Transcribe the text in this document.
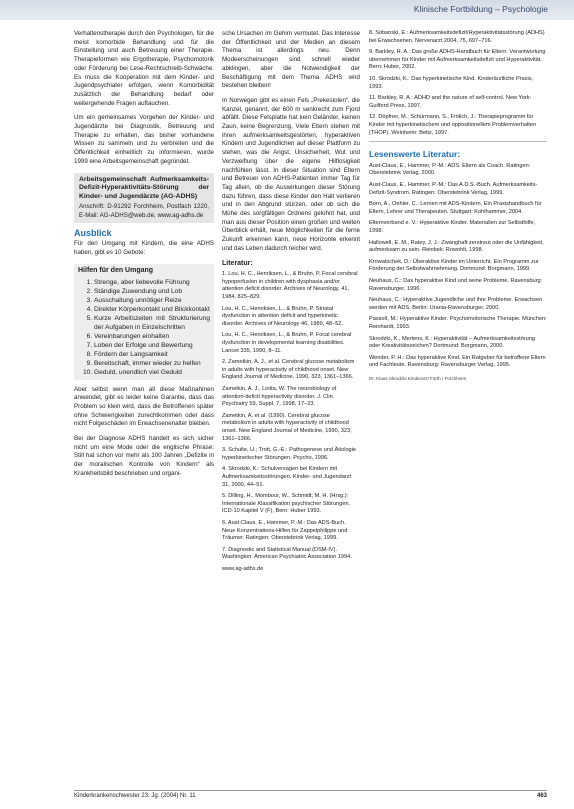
Klinische Fortbildung – Psychologie

Verhaltenstherapie durch den Psychologen, für die meist komorbide Behandlung und für die Einstellung und auch Betreuung einer Therapie. Therapieformen wie Ergotherapie, Psychomotorik oder Förderung bei Lese-Rechtschreib-Schwäche. Es muss die Kooperation mit dem Kinder- und Jugendpsychiater erfolgen, wenn Komorbidität zusätzlich der Behandlung bedarf oder weitergehende Fragen auftauchen.

Um ein gemeinsames Vorgehen der Kinder- und Jugendärzte bei Diagnostik, Betreuung und Therapie zu erhalten, das bisher vorhandene Wissen zu sammeln und zu verbreiten und die Öffentlichkeit einheitlich zu informieren, wurde 1999 eine Arbeitsgemeinschaft gegründet.

Arbeitsgemeinschaft Aufmerksamkeits-Defizit-Hyperaktivitäts-Störung der Kinder- und Jugendärzte (AG-ADHS)
Anschrift: D-91292 Forchheim, Postfach 1220, E-Mail: AG-ADHS@web.de, www.ag-adhs.de
Ausblick

Für den Umgang mit Kindern, die eine ADHS haben, gibt es 10 Gebote:

Hilfen für den Umgang
1. Strenge, aber liebevolle Führung
2. Ständige Zuwendung und Lob
3. Ausschaltung unnötiger Reize
4. Direkter Körperkontakt und Blickkontakt
5. Kurze Arbeitszeiten mit Strukturierung der Aufgaben in Einzelschritten
6. Vereinbarungen einhalten
7. Loben der Erfolge und Bewertung
8. Fördern der Langsamkeit
9. Bereitschaft, immer wieder zu helfen
10. Geduld, unendlich viel Geduld

Aber selbst wenn man all diese Maßnahmen anwendet, gibt es leider keine Garantie, dass das Problem so klein wird, dass die Betroffenen später ohne Schwierigkeiten zurechtkommen oder dass nicht Folgeschäden im Erwachsenenalter bleiben.

Bei der Diagnose ADHS handelt es sich sicher nicht um eine Mode oder die englische Phrase: Still hat schon vor mehr als 100 Jahren „Defizite in der moralischen Kontrolle von Kindern“ als Krankheitsbild beschrieben und organi-

sche Ursachen im Gehirn vermutet. Das Interesse der Öffentlichkeit und der Medien an diesem Thema ist allerdings neu. Denn Modeerscheinungen sind schnell wieder abklingen, aber die Notwendigkeit der Beschäftigung mit dem Thema ADHS wird bestehen bleiben!

In Norwegen gibt es einen Fels „Prekestolen“, die Kanzel, genannt, der 600 m senkrecht zum Fjord abfällt. Diese Felsplatte hat kein Geländer, keinen Zaun, keine Begrenzung. Viele Eltern stehen mit ihren aufmerksamkeitsgestörten, hyperaktiven Kindern und Jugendlichen auf dieser Plattform zu stehen, was die Angst, Unsicherheit, Wut und Verzweiflung über die eigene Hilflosigkeit nachfühlen lässt. In dieser Situation sind Eltern und Betreuer von ADHS-Patienten immer Tag für Tag allein, ob die Auswirkungen dieser Störung dazu führen, dass diese Kinder den Halt verlieren und in den Abgrund stürzen, oder ob sich die Mühe des sorgfältigen Ordnens gelohnt hat, und man aus dieser Position einen großen und weiten Überblick erhält, neue Möglichkeiten für die ferne Zukunft erkennen kann, neue Horizonte erkennt und das Leben dadurch reicher wird.

Literatur:
1. Lou, H. C., Henriksen, L., & Bruhn, P. Focal cerebral hypoperfusion in children with dysphasia and/or attention deficit disorder. Archives of Neurology, 41, 1984, 825–829.
Lou, H. C., Henriksen, L., & Bruhn, P. Striatal dysfunction in attention deficit and hyperkinetic disorder. Archives of Neurology 46, 1989, 48–52.
Lou, H. C., Henriksen, L., & Bruhn, P. Focal cerebral dysfunction in developmental learning disabilities. Lancet 335, 1990, 8–11.
2. Zametkin, A. J., et al. Cerebral glucose metabolism in adults with hyperactivity of childhood onset. New England Journal of Medicine, 1990, 323, 1361–1366.
Zametkin, A. J., Liotta, W. The neurobiology of attention-deficit hyperactivity disorder. J. Clin. Psychiatry 59, Suppl. 7, 1998, 17–23.
Zametkin, A. et al. (1990). Cerebral glucose metabolism in adults with hyperactivity of childhood onset. New England Journal of Medicine, 1990, 323, 1361–1366.
3. Schulte, U.; Trott, G.-E.: Pathogenese und Ätiologie hyperkinetischer Störungen. Psycho, 1996.
4. Skrodzki, K.: Schulversagen bei Kindern mit Aufmerksamkeitsstörungen. Kinder- und Jugendarzt 31, 2000, 44–51.
5. Dilling, H., Mombour, W., Schmidt, M. H. (Hrsg.): Internationale Klassifikation psychischer Störungen. ICD-10 Kapitel V (F), Bern: Huber 1993.
6. Aust-Claus, E., Hammer, P.-M.: Das ADS-Buch. Neue Konzentrations-Hilfen für Zappelphilippe und Träumer. Ratingen: Oberstebrink Verlag, 1999.
7. Diagnostic and Statistical Manual (DSM-IV). Washington: American Psychiatric Association 1994.
www.ag-adhs.de
8. Sobanski, E.: Aufmerksamkeitsdefizit/Hyperaktivitätsstörung (ADHS) bei Erwachsenen. Nervenarzt 2004, 75, 697–716.
9. Barkley, R. A.: Das große ADHS-Handbuch für Eltern. Verantwortung übernehmen für Kinder mit Aufmerksamkeitsdefizit und Hyperaktivität. Bern: Huber, 2002.
10. Skrodzki, K.: Das hyperkinetische Kind. Kinderärztliche Praxis, 1993.
11. Barkley, R. A.: ADHD and the nature of self-control. New York: Guilford Press, 1997.
12. Döpfner, M., Schürmann, S., Frölich, J.: Therapieprogramm für Kinder mit hyperkinetischem und oppositionellem Problemverhalten (THOP). Weinheim: Beltz, 1997.
Lesenswerte Literatur:
Aust-Claus, E., Hammer, P.-M.: ADS. Eltern als Coach. Ratingen: Oberstebrink Verlag, 2000.
Aust-Claus, E., Hammer, P.-M.: Das A.D.S.-Buch. Aufmerksamkeits-Defizit-Syndrom. Ratingen: Oberstebrink Verlag, 1999.
Born, A., Oehler, C.: Lernen mit ADS-Kindern. Ein Praxishandbuch für Eltern, Lehrer und Therapeuten. Stuttgart: Kohlhammer, 2004.
Elternverband e. V.: Hyperaktive Kinder. Materialien zur Selbsthilfe, 1998.
Hallowell, E. M., Ratey, J. J.: Zwanghaft zerstreut oder die Unfähigkeit, aufmerksam zu sein. Reinbek: Rowohlt, 1998.
Krowatschek, D.: Überaktive Kinder im Unterricht. Ein Programm zur Förderung der Selbstwahrnehmung. Dortmund: Borgmann, 1999.
Neuhaus, C.: Das hyperaktive Kind und seine Probleme. Ravensburg: Ravensburger, 1996.
Neuhaus, C.: Hyperaktive Jugendliche und ihre Probleme. Erwachsen werden mit ADS. Berlin: Urania-Ravensburger, 2000.
Passolt, M.: Hyperaktive Kinder. Psychomotorische Therapie. München: Reinhardt, 1993.
Skrodzki, K., Mertens, K.: Hyperaktivität – Aufmerksamkeitsstörung oder Kreativitätszeichen? Dortmund: Borgmann, 2000.
Wender, P. H.: Das hyperaktive Kind. Ein Ratgeber für betroffene Eltern und Fachleute. Ravensburg: Ravensburger Verlag, 1995.
Dr. Klaus Skrodzki Kinderarzt Fürth / Forchheim
Kinderkrankenschwester 23. Jg. (2004) Nr. 11	463
